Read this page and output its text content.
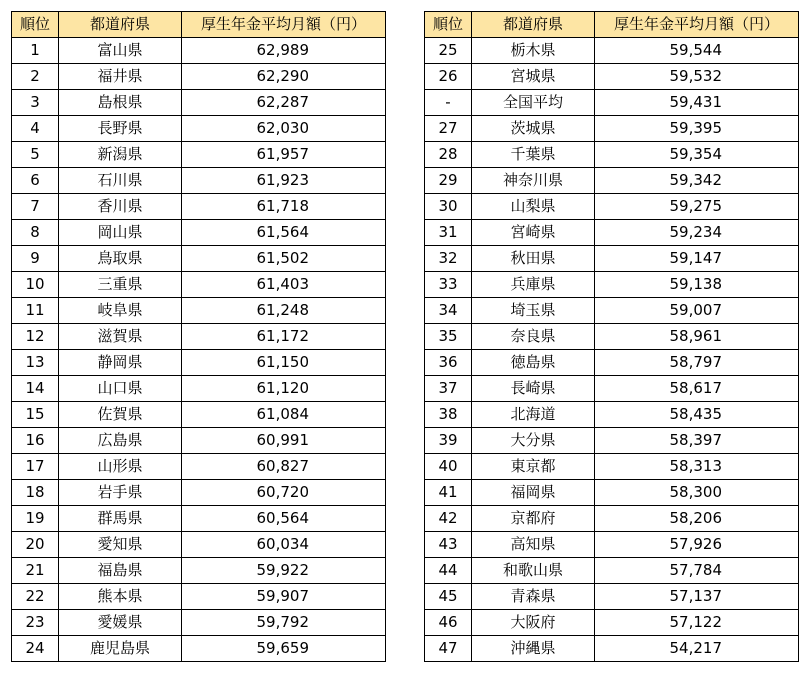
順位	都道府県	厚生年金平均月額（円）
1	富山県	62,989
2	福井県	62,290
3	島根県	62,287
4	長野県	62,030
5	新潟県	61,957
6	石川県	61,923
7	香川県	61,718
8	岡山県	61,564
9	鳥取県	61,502
10	三重県	61,403
11	岐阜県	61,248
12	滋賀県	61,172
13	静岡県	61,150
14	山口県	61,120
15	佐賀県	61,084
16	広島県	60,991
17	山形県	60,827
18	岩手県	60,720
19	群馬県	60,564
20	愛知県	60,034
21	福島県	59,922
22	熊本県	59,907
23	愛媛県	59,792
24	鹿児島県	59,659
順位	都道府県	厚生年金平均月額（円）
25	栃木県	59,544
26	宮城県	59,532
-	全国平均	59,431
27	茨城県	59,395
28	千葉県	59,354
29	神奈川県	59,342
30	山梨県	59,275
31	宮崎県	59,234
32	秋田県	59,147
33	兵庫県	59,138
34	埼玉県	59,007
35	奈良県	58,961
36	徳島県	58,797
37	長崎県	58,617
38	北海道	58,435
39	大分県	58,397
40	東京都	58,313
41	福岡県	58,300
42	京都府	58,206
43	高知県	57,926
44	和歌山県	57,784
45	青森県	57,137
46	大阪府	57,122
47	沖縄県	54,217
